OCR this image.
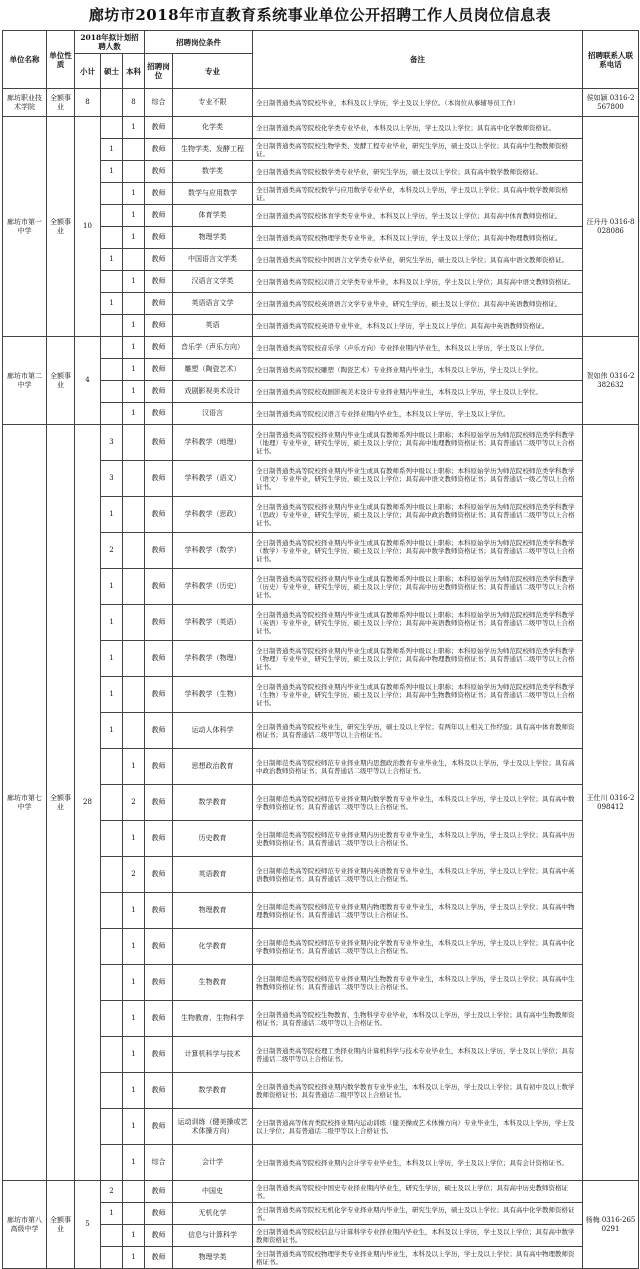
廊坊市2018年市直教育系统事业单位公开招聘工作人员岗位信息表
单位名称	单位性质	2018年拟计划招聘人数			招聘岗位条件		备注	招聘联系人联系电话
		小计	硕士	本科	招聘岗位	专业		
廊坊职业技术学院	全额事业	8		8	综合	专业不限	全日制普通类高等院校毕业，本科及以上学历，学士及以上学位。（本岗位从事辅导员工作）	侯如颖 0316-2567800
廊坊市第一中学	全额事业	10		1	教师	化学类	全日制普通类高等院校化学类专业毕业，本科及以上学历，学士及以上学位；具有高中化学教师资格证。	汪丹丹 0316-8028086
			1		教师	生物学类、发酵工程	全日制普通类高等院校生物学类、发酵工程专业毕业，研究生学历，硕士及以上学位；具有高中生物教师资格证。	
			1		教师	数学类	全日制普通类高等院校数学类专业毕业，研究生学历，硕士及以上学位；具有高中数学教师资格证。	
				1	教师	数学与应用数学	全日制普通类高等院校数学与应用数学专业毕业，本科及以上学历，学士及以上学位；具有高中数学教师资格证。	
				1	教师	体育学类	全日制普通类高等院校体育学类专业毕业，本科及以上学历，学士及以上学位；具有高中体育教师资格证。	
				1	教师	物理学类	全日制普通类高等院校物理学类专业毕业，本科及以上学历，学士及以上学位；具有高中物理教师资格证。	
			1		教师	中国语言文学类	全日制普通类高等院校中国语言文学类专业毕业，研究生学历，硕士及以上学位；具有高中语文教师资格证。	
				1	教师	汉语言文学类	全日制普通类高等院校汉语言文学类专业毕业，本科及以上学历，学士及以上学位；具有高中语文教师资格证。	
			1		教师	英语语言文学	全日制普通类高等院校英语语言文学专业毕业，研究生学历，硕士及以上学位；具有高中英语教师资格证。	
				1	教师	英语	全日制普通类高等院校英语专业毕业，本科及以上学历，学士及以上学位；具有高中英语教师资格证。	
廊坊市第二中学	全额事业	4		1	教师	音乐学（声乐方向）	全日制普通类高等院校音乐学（声乐方向）专业择业期内毕业生，本科及以上学历，学士及以上学位。	贺如伟 0316-2382632
				1	教师	雕塑（陶瓷艺术）	全日制普通类高等院校雕塑（陶瓷艺术）专业择业期内毕业生，本科及以上学历，学士及以上学位。	
				1	教师	戏剧影视美术设计	全日制普通类高等院校戏剧影视美术设计专业择业期内毕业生，本科及以上学历，学士及以上学位。	
				1	教师	汉语言	全日制普通类高等院校汉语言专业择业期内毕业生，本科及以上学历，学士及以上学位。	
廊坊市第七中学	全额事业	28	3		教师	学科教学（地理）	全日制普通类高等院校择业期内毕业生或具有教师系列中级以上职称；本科原始学历为师范院校师范类学科教学（地理）专业毕业，研究生学历，硕士及以上学位；具有高中地理教师资格证书；具有普通话二级甲等以上合格证书。	王仕川 0316-2098412
			3		教师	学科教学（语文）	全日制普通类高等院校择业期内毕业生或具有教师系列中级以上职称；本科原始学历为师范院校师范类学科教学（语文）专业毕业，研究生学历，硕士及以上学位；具有高中语文教师资格证书；具有普通话一级乙等以上合格证书。	
			1		教师	学科教学（思政）	全日制普通类高等院校择业期内毕业生或具有教师系列中级以上职称；本科原始学历为师范院校师范类学科教学（思政）专业毕业，研究生学历，硕士及以上学位；具有高中政治教师资格证书；具有普通话二级甲等以上合格证书。	
			2		教师	学科教学（数学）	全日制普通类高等院校择业期内毕业生或具有教师系列中级以上职称；本科原始学历为师范院校师范类学科教学（数学）专业毕业，研究生学历，硕士及以上学位；具有高中数学教师资格证书；具有普通话二级甲等以上合格证书。	
			1		教师	学科教学（历史）	全日制普通类高等院校择业期内毕业生或具有教师系列中级以上职称；本科原始学历为师范院校师范类学科教学（历史）专业毕业，研究生学历，硕士及以上学位；具有高中历史教师资格证书；具有普通话二级甲等以上合格证书。	
			1		教师	学科教学（英语）	全日制普通类高等院校择业期内毕业生或具有教师系列中级以上职称；本科原始学历为师范院校师范类学科教学（英语）专业毕业，研究生学历，硕士及以上学位；具有高中英语教师资格证书；具有普通话二级甲等以上合格证书。	
			1		教师	学科教学（物理）	全日制普通类高等院校择业期内毕业生或具有教师系列中级以上职称；本科原始学历为师范院校师范类学科教学（物理）专业毕业，研究生学历，硕士及以上学位；具有高中物理教师资格证书；具有普通话二级甲等以上合格证书。	
			1		教师	学科教学（生物）	全日制普通类高等院校择业期内毕业生或具有教师系列中级以上职称；本科原始学历为师范院校师范类学科教学（生物）专业毕业，研究生学历，硕士及以上学位；具有高中生物教师资格证书；具有普通话二级甲等以上合格证书。	
			1		教师	运动人体科学	全日制普通类高等院校毕业生，研究生学历，硕士及以上学位；有两年以上相关工作经验；具有高中体育教师资格证书；具有普通话二级甲等以上合格证书。	
				1	教师	思想政治教育	全日制师范类高等院校师范专业择业期内思想政治教育专业毕业生，本科及以上学历，学士及以上学位；具有高中政治教师资格证书；具有普通话二级甲等以上合格证书。	
				2	教师	数学教育	全日制师范类高等院校师范专业择业期内数学教育专业毕业生，本科及以上学历，学士及以上学位；具有高中数学教师资格证书；具有普通话二级甲等以上合格证书。	
				1	教师	历史教育	全日制师范类高等院校师范专业择业期内历史教育专业毕业生，本科及以上学历，学士及以上学位；具有高中历史教师资格证书；具有普通话二级甲等以上合格证书。	
				2	教师	英语教育	全日制师范类高等院校师范专业择业期内英语教育专业毕业生，本科及以上学历，学士及以上学位；具有高中英语教师资格证书；具有普通话二级甲等以上合格证书。	
				1	教师	物理教育	全日制师范类高等院校师范专业择业期内物理教育专业毕业生，本科及以上学历，学士及以上学位；具有高中物理教师资格证书；具有普通话二级甲等以上合格证书。	
				1	教师	化学教育	全日制师范类高等院校师范专业择业期内化学教育专业毕业生，本科及以上学历，学士及以上学位；具有高中化学教师资格证书；具有普通话二级甲等以上合格证书。	
				1	教师	生物教育	全日制师范类高等院校师范专业择业期内生物教育专业毕业生，本科及以上学历，学士及以上学位；具有高中生物教师资格证书；具有普通话二级甲等以上合格证书。	
				1	教师	生物教育、生物科学	全日制普通类高等院校生物教育、生物科学专业毕业，本科及以上学历，学士及以上学位；具有高中生物教师资格证书；具有普通话二级甲等以上合格证书。	
				1	教师	计算机科学与技术	全日制普通类高等院校理工类择业期内计算机科学与技术专业毕业生，本科及以上学历，学士及以上学位；具有普通话二级甲等以上合格证书。	
				1	教师	数学教育	全日制普通类高等院校择业期内数学教育专业毕业生，本科及以上学历，学士及以上学位；具有初中及以上数学教师资格证书；具有普通话二级甲等以上合格证书。	
				1	教师	运动训练（健美操或艺术体操方向）	全日制普通高等体育类院校择业期内运动训练（健美操或艺术体操方向）专业毕业生，本科及以上学历，学士及以上学位；具有普通话二级甲等以上合格证书。	
				1	综合	会计学	全日制普通类高等院校择业期内会计学专业毕业生，本科及以上学历，学士及以上学位；具有会计资格证书。	
廊坊市第八高级中学	全额事业	5	2		教师	中国史	全日制普通类高等院校中国史专业择业期内毕业生，研究生学历，硕士及以上学位；具有高中历史教师资格证书。	杨梅 0316-2650291
			1		教师	无机化学	全日制普通类高等院校无机化学专业择业期内毕业生，研究生学历，硕士及以上学位；具有高中化学教师资格证书。	
				1	教师	信息与计算科学	全日制普通类高等院校信息与计算科学专业择业期内毕业生，本科及以上学历，学士及以上学位；具有高中数学教师资格证书。	
				1	教师	物理学类	全日制普通类高等院校物理学类专业择业期内毕业生，本科及以上学历，学士及以上学位；具有高中物理教师资格证书。	
